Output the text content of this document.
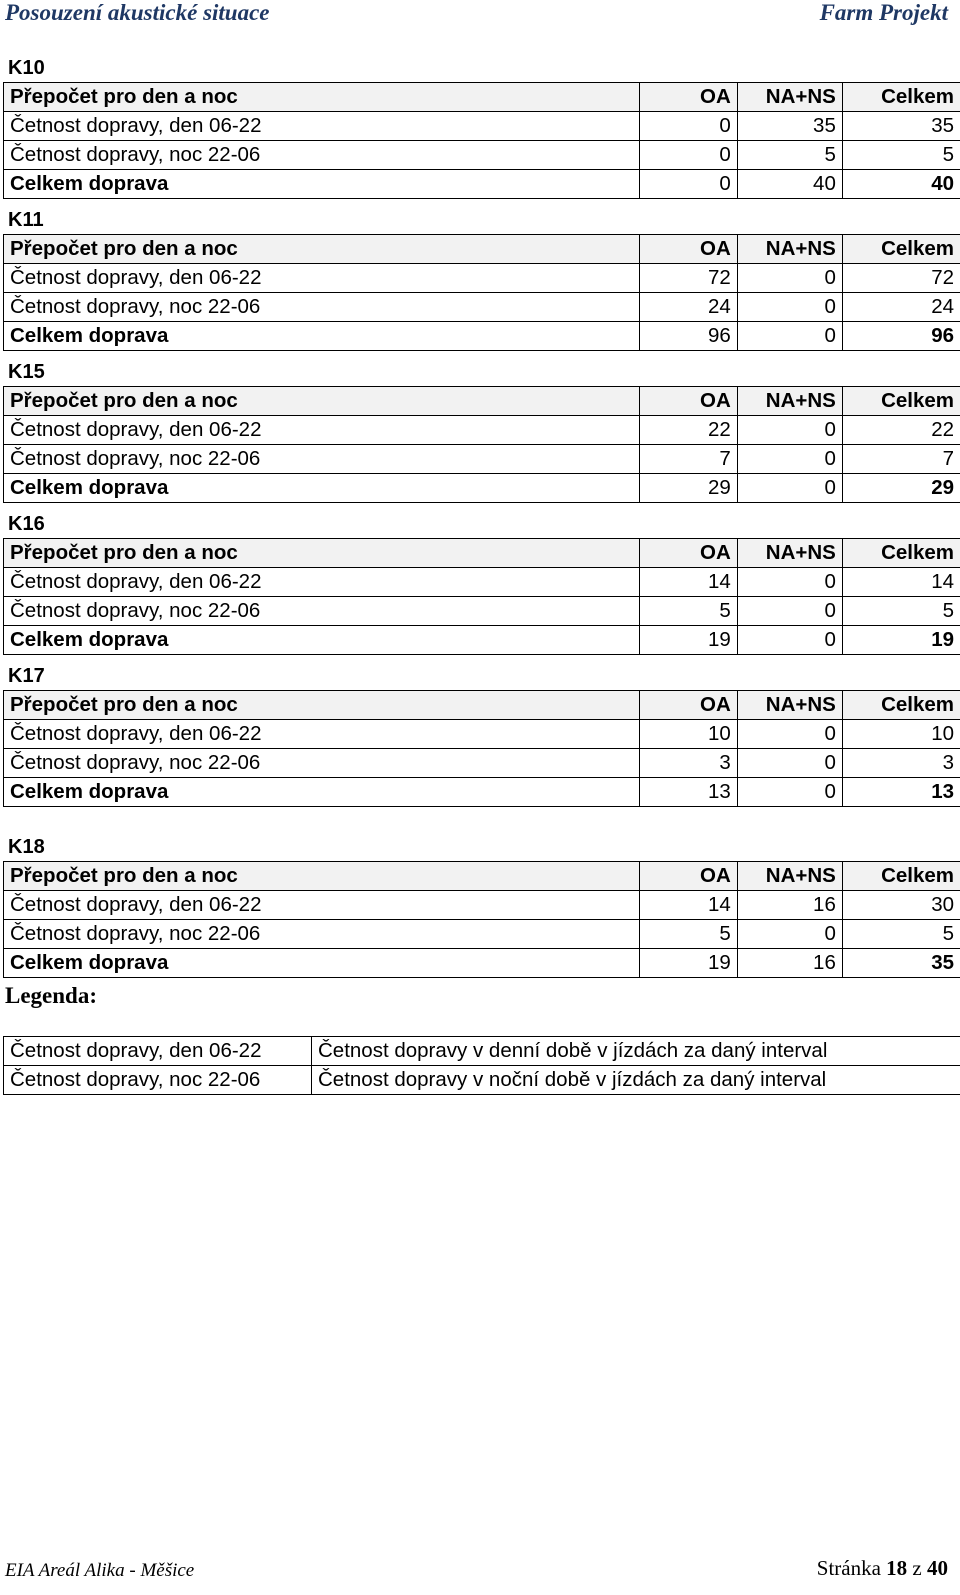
Posouzení akustické situace	Farm Projekt
K10
Přepočet pro den a noc	OA	NA+NS	Celkem
Četnost dopravy, den 06-22	0	35	35
Četnost dopravy, noc 22-06	0	5	5
Celkem doprava	0	40	40
K11
Přepočet pro den a noc	OA	NA+NS	Celkem
Četnost dopravy, den 06-22	72	0	72
Četnost dopravy, noc 22-06	24	0	24
Celkem doprava	96	0	96
K15
Přepočet pro den a noc	OA	NA+NS	Celkem
Četnost dopravy, den 06-22	22	0	22
Četnost dopravy, noc 22-06	7	0	7
Celkem doprava	29	0	29
K16
Přepočet pro den a noc	OA	NA+NS	Celkem
Četnost dopravy, den 06-22	14	0	14
Četnost dopravy, noc 22-06	5	0	5
Celkem doprava	19	0	19
K17
Přepočet pro den a noc	OA	NA+NS	Celkem
Četnost dopravy, den 06-22	10	0	10
Četnost dopravy, noc 22-06	3	0	3
Celkem doprava	13	0	13
K18
Přepočet pro den a noc	OA	NA+NS	Celkem
Četnost dopravy, den 06-22	14	16	30
Četnost dopravy, noc 22-06	5	0	5
Celkem doprava	19	16	35
Legenda:
Četnost dopravy, den 06-22	Četnost dopravy v denní době v jízdách za daný interval
Četnost dopravy, noc 22-06	Četnost dopravy v noční době v jízdách za daný interval
EIA Areál Alika - Měšice	Stránka 18 z 40
